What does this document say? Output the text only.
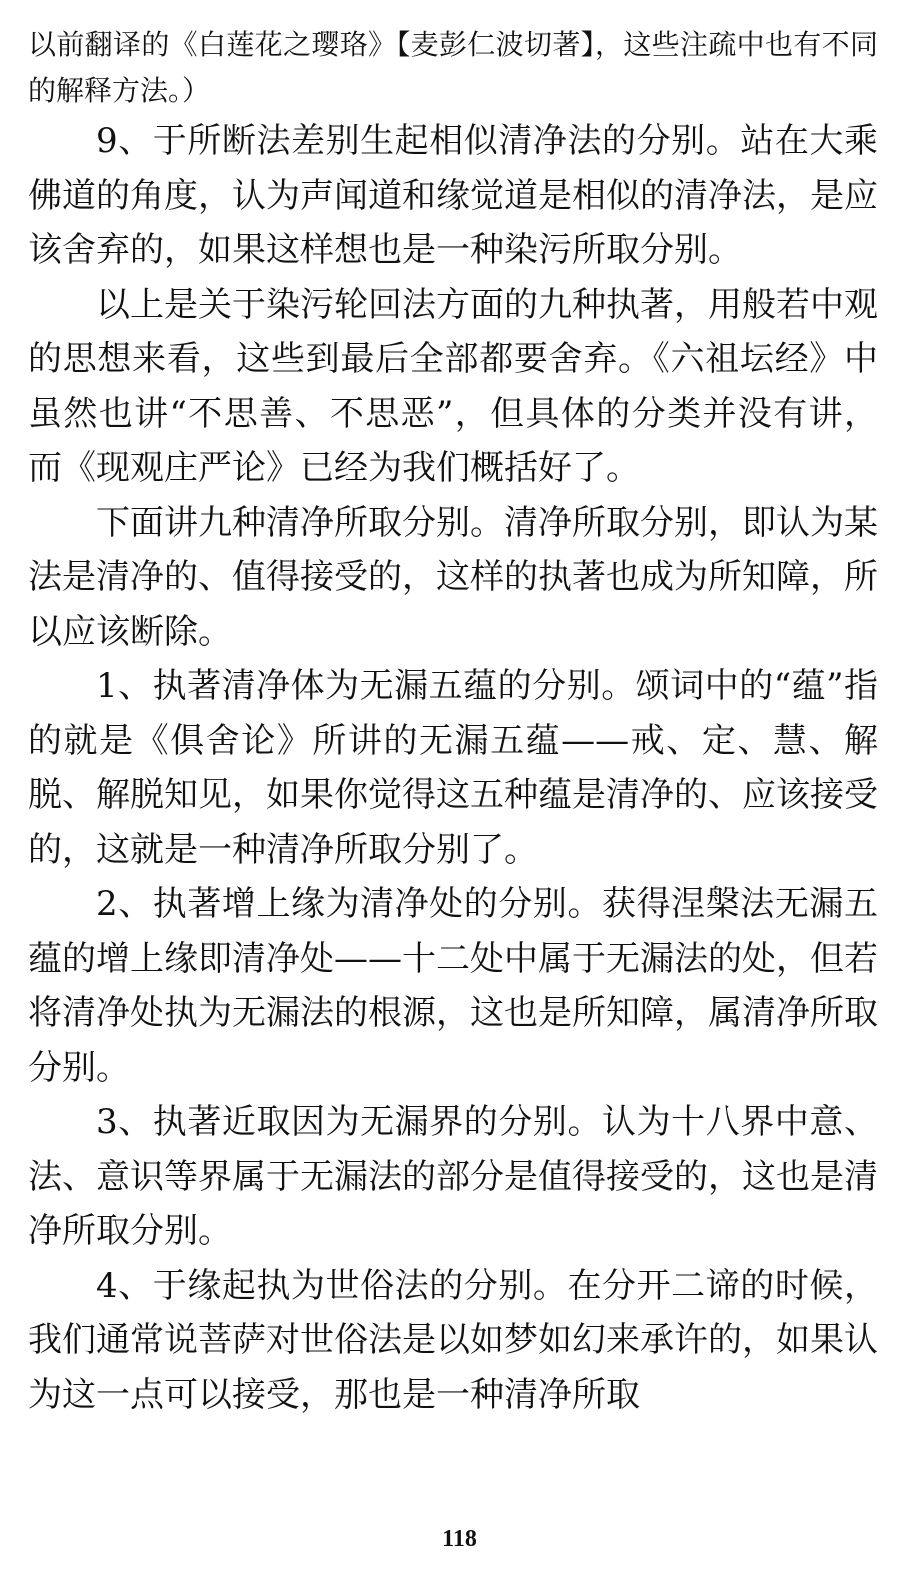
以前翻译的《白莲花之璎珞》【麦彭仁波切著】，这些注疏中也有不同的解释方法。）

9、于所断法差别生起相似清净法的分别。站在大乘佛道的角度，认为声闻道和缘觉道是相似的清净法，是应该舍弃的，如果这样想也是一种染污所取分别。

以上是关于染污轮回法方面的九种执著，用般若中观的思想来看，这些到最后全部都要舍弃。《六祖坛经》中虽然也讲“不思善、不思恶”，但具体的分类并没有讲，而《现观庄严论》已经为我们概括好了。

下面讲九种清净所取分别。清净所取分别，即认为某法是清净的、值得接受的，这样的执著也成为所知障，所以应该断除。

1、执著清净体为无漏五蕴的分别。颂词中的“蕴”指的就是《俱舍论》所讲的无漏五蕴——戒、定、慧、解脱、解脱知见，如果你觉得这五种蕴是清净的、应该接受的，这就是一种清净所取分别了。

2、执著增上缘为清净处的分别。获得涅槃法无漏五蕴的增上缘即清净处——十二处中属于无漏法的处，但若将清净处执为无漏法的根源，这也是所知障，属清净所取分别。

3、执著近取因为无漏界的分别。认为十八界中意、法、意识等界属于无漏法的部分是值得接受的，这也是清净所取分别。

4、于缘起执为世俗法的分别。在分开二谛的时候，我们通常说菩萨对世俗法是以如梦如幻来承许的，如果认为这一点可以接受，那也是一种清净所取

118
